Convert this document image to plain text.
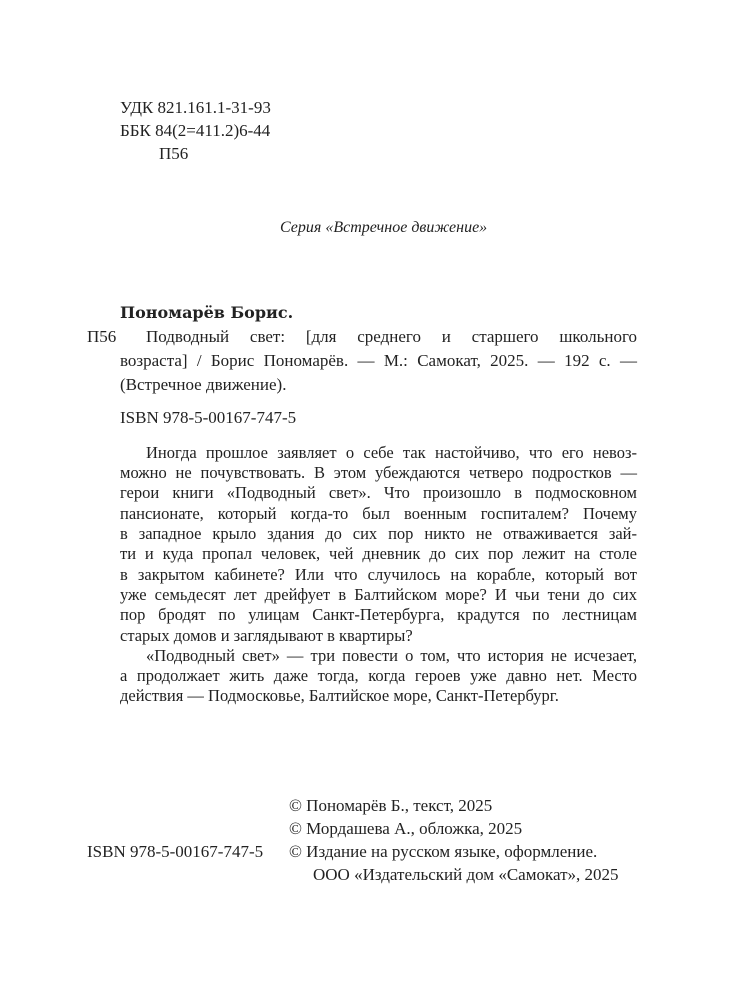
УДК 821.161.1-31-93
ББК 84(2=411.2)6-44
П56
Серия «Встречное движение»
Пономарёв Борис.
П56 Подводный свет: [для среднего и старшего школьного
возраста] / Борис Пономарёв. — М.: Самокат, 2025. — 192 с. —
(Встречное движение).
ISBN 978-5-00167-747-5
Иногда прошлое заявляет о себе так настойчиво, что его невоз-
можно не почувствовать. В этом убеждаются четверо подростков —
герои книги «Подводный свет». Что произошло в подмосковном
пансионате, который когда-то был военным госпиталем? Почему
в западное крыло здания до сих пор никто не отваживается зай-
ти и куда пропал человек, чей дневник до сих пор лежит на столе
в закрытом кабинете? Или что случилось на корабле, который вот
уже семьдесят лет дрейфует в Балтийском море? И чьи тени до сих
пор бродят по улицам Санкт-Петербурга, крадутся по лестницам
старых домов и заглядывают в квартиры?
«Подводный свет» — три повести о том, что история не исчезает,
а продолжает жить даже тогда, когда героев уже давно нет. Место
действия — Подмосковье, Балтийское море, Санкт-Петербург.
© Пономарёв Б., текст, 2025
© Мордашева А., обложка, 2025
© Издание на русском языке, оформление.
ООО «Издательский дом «Самокат», 2025
ISBN 978-5-00167-747-5
